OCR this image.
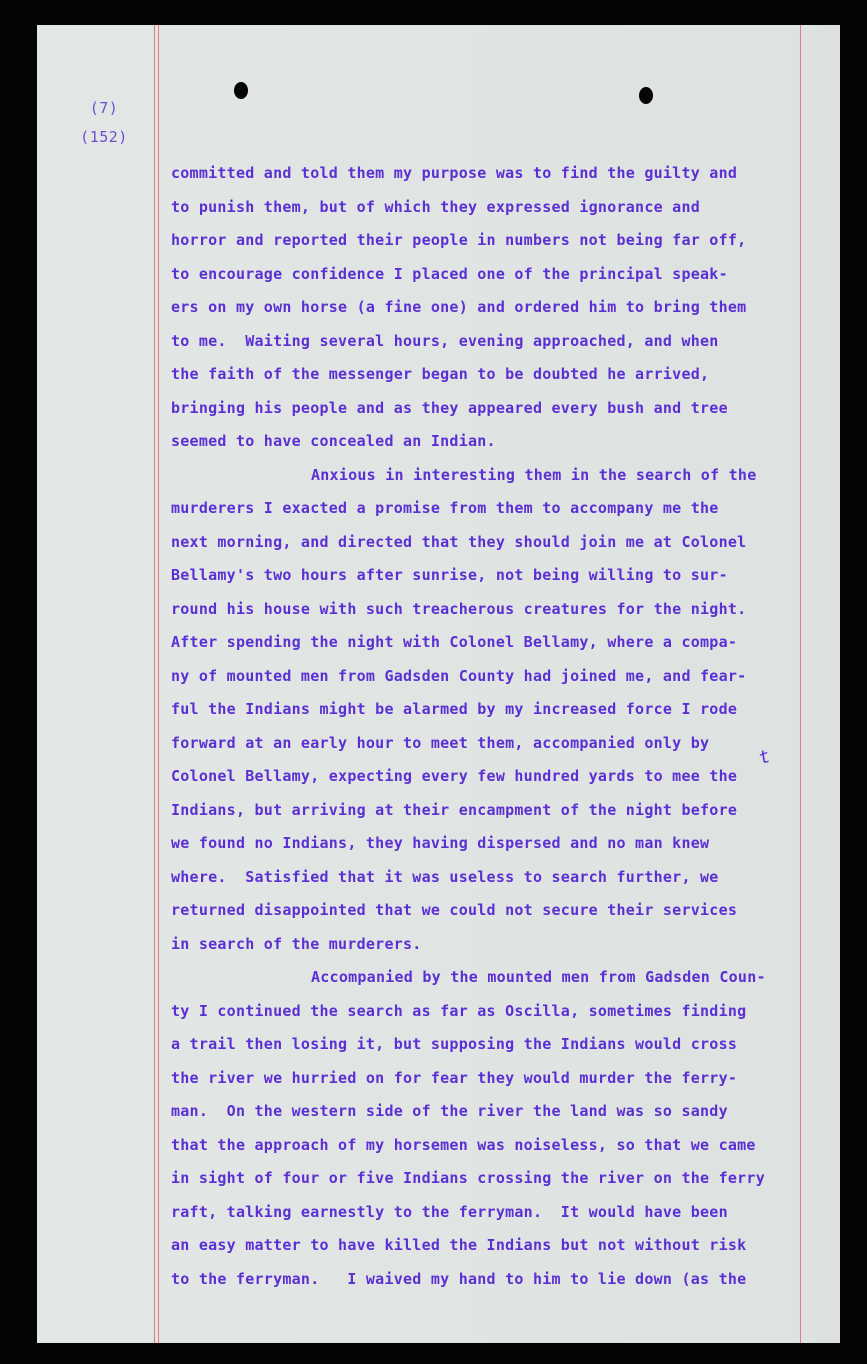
(7)
(152)
t
committed and told them my purpose was to find the guilty and
to punish them, but of which they expressed ignorance and
horror and reported their people in numbers not being far off,
to encourage confidence I placed one of the principal speak-
ers on my own horse (a fine one) and ordered him to bring them
to me.  Waiting several hours, evening approached, and when
the faith of the messenger began to be doubted he arrived,
bringing his people and as they appeared every bush and tree
seemed to have concealed an Indian.
Anxious in interesting them in the search of the
murderers I exacted a promise from them to accompany me the
next morning, and directed that they should join me at Colonel
Bellamy's two hours after sunrise, not being willing to sur-
round his house with such treacherous creatures for the night.
After spending the night with Colonel Bellamy, where a compa-
ny of mounted men from Gadsden County had joined me, and fear-
ful the Indians might be alarmed by my increased force I rode
forward at an early hour to meet them, accompanied only by
Colonel Bellamy, expecting every few hundred yards to mee the
Indians, but arriving at their encampment of the night before
we found no Indians, they having dispersed and no man knew
where.  Satisfied that it was useless to search further, we
returned disappointed that we could not secure their services
in search of the murderers.
Accompanied by the mounted men from Gadsden Coun-
ty I continued the search as far as Oscilla, sometimes finding
a trail then losing it, but supposing the Indians would cross
the river we hurried on for fear they would murder the ferry-
man.  On the western side of the river the land was so sandy
that the approach of my horsemen was noiseless, so that we came
in sight of four or five Indians crossing the river on the ferry
raft, talking earnestly to the ferryman.  It would have been
an easy matter to have killed the Indians but not without risk
to the ferryman.   I waived my hand to him to lie down (as the
